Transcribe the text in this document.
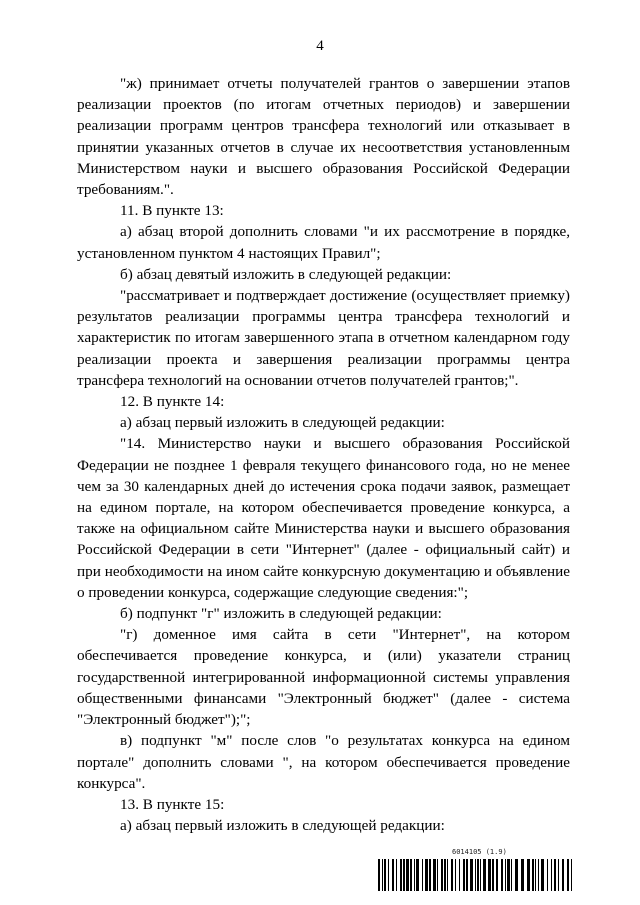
4

"ж) принимает отчеты получателей грантов о завершении этапов реализации проектов (по итогам отчетных периодов) и завершении реализации программ центров трансфера технологий или отказывает в принятии указанных отчетов в случае их несоответствия установленным Министерством науки и высшего образования Российской Федерации требованиям.".

11. В пункте 13:

а) абзац второй дополнить словами "и их рассмотрение в порядке, установленном пунктом 4 настоящих Правил";

б) абзац девятый изложить в следующей редакции:

"рассматривает и подтверждает достижение (осуществляет приемку) результатов реализации программы центра трансфера технологий и характеристик по итогам завершенного этапа в отчетном календарном году реализации проекта и завершения реализации программы центра трансфера технологий на основании отчетов получателей грантов;".

12. В пункте 14:

а) абзац первый изложить в следующей редакции:

"14. Министерство науки и высшего образования Российской Федерации не позднее 1 февраля текущего финансового года, но не менее чем за 30 календарных дней до истечения срока подачи заявок, размещает на едином портале, на котором обеспечивается проведение конкурса, а также на официальном сайте Министерства науки и высшего образования Российской Федерации в сети "Интернет" (далее - официальный сайт) и при необходимости на ином сайте конкурсную документацию и объявление о проведении конкурса, содержащие следующие сведения:";

б) подпункт "г" изложить в следующей редакции:

"г) доменное имя сайта в сети "Интернет", на котором обеспечивается проведение конкурса, и (или) указатели страниц государственной интегрированной информационной системы управления общественными финансами "Электронный бюджет" (далее - система "Электронный бюджет");";

в) подпункт "м" после слов "о результатах конкурса на едином портале" дополнить словами ", на котором обеспечивается проведение конкурса".

13. В пункте 15:

а) абзац первый изложить в следующей редакции:

6014105 (1.9)
